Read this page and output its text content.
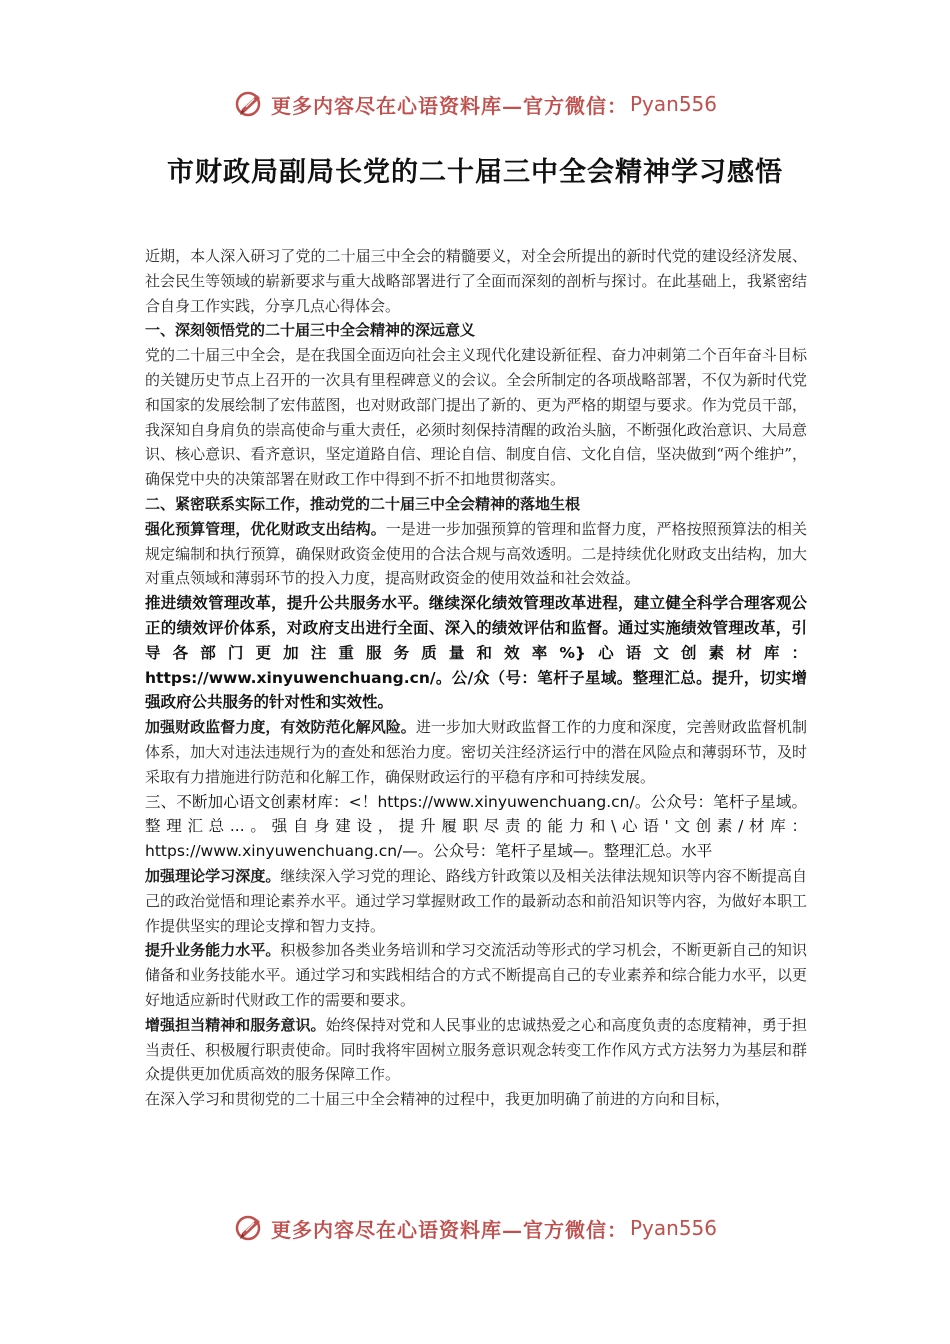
更多内容尽在心语资料库—官方微信： Pyan556
市财政局副局长党的二十届三中全会精神学习感悟

近期，本人深入研习了党的二十届三中全会的精髓要义，对全会所提出的新时代党的建设经济发展、社会民生等领域的崭新要求与重大战略部署进行了全面而深刻的剖析与探讨。在此基础上，我紧密结合自身工作实践，分享几点心得体会。

一、深刻领悟党的二十届三中全会精神的深远意义

党的二十届三中全会，是在我国全面迈向社会主义现代化建设新征程、奋力冲刺第二个百年奋斗目标的关键历史节点上召开的一次具有里程碑意义的会议。全会所制定的各项战略部署，不仅为新时代党和国家的发展绘制了宏伟蓝图，也对财政部门提出了新的、更为严格的期望与要求。作为党员干部，我深知自身肩负的崇高使命与重大责任，必须时刻保持清醒的政治头脑，不断强化政治意识、大局意识、核心意识、看齐意识，坚定道路自信、理论自信、制度自信、文化自信，坚决做到“两个维护”，确保党中央的决策部署在财政工作中得到不折不扣地贯彻落实。

二、紧密联系实际工作，推动党的二十届三中全会精神的落地生根

强化预算管理，优化财政支出结构。一是进一步加强预算的管理和监督力度，严格按照预算法的相关规定编制和执行预算，确保财政资金使用的合法合规与高效透明。二是持续优化财政支出结构，加大对重点领域和薄弱环节的投入力度，提高财政资金的使用效益和社会效益。

推进绩效管理改革，提升公共服务水平。继续深化绩效管理改革进程，建立健全科学合理客观公正的绩效评价体系，对政府支出进行全面、深入的绩效评估和监督。通过实施绩效管理改革，引导各部门更加注重服务质量和效率%}心语文创素材库：https://www.xinyuwenchuang.cn/。公/众（号：笔杆子星域。整理汇总。提升，切实增强政府公共服务的针对性和实效性。

加强财政监督力度，有效防范化解风险。进一步加大财政监督工作的力度和深度，完善财政监督机制体系，加大对违法违规行为的查处和惩治力度。密切关注经济运行中的潜在风险点和薄弱环节，及时采取有力措施进行防范和化解工作，确保财政运行的平稳有序和可持续发展。

三、不断加心语文创素材库：<！https://www.xinyuwenchuang.cn/。公众号：笔杆子星域。整理汇总...。强自身建设，提升履职尽责的能力和\心语'文创素/材库：https://www.xinyuwenchuang.cn/—。公众号：笔杆子星域—。整理汇总。水平

加强理论学习深度。继续深入学习党的理论、路线方针政策以及相关法律法规知识等内容不断提高自己的政治觉悟和理论素养水平。通过学习掌握财政工作的最新动态和前沿知识等内容，为做好本职工作提供坚实的理论支撑和智力支持。

提升业务能力水平。积极参加各类业务培训和学习交流活动等形式的学习机会，不断更新自己的知识储备和业务技能水平。通过学习和实践相结合的方式不断提高自己的专业素养和综合能力水平，以更好地适应新时代财政工作的需要和要求。

增强担当精神和服务意识。始终保持对党和人民事业的忠诚热爱之心和高度负责的态度精神，勇于担当责任、积极履行职责使命。同时我将牢固树立服务意识观念转变工作作风方式方法努力为基层和群众提供更加优质高效的服务保障工作。

在深入学习和贯彻党的二十届三中全会精神的过程中，我更加明确了前进的方向和目标，

更多内容尽在心语资料库—官方微信： Pyan556
